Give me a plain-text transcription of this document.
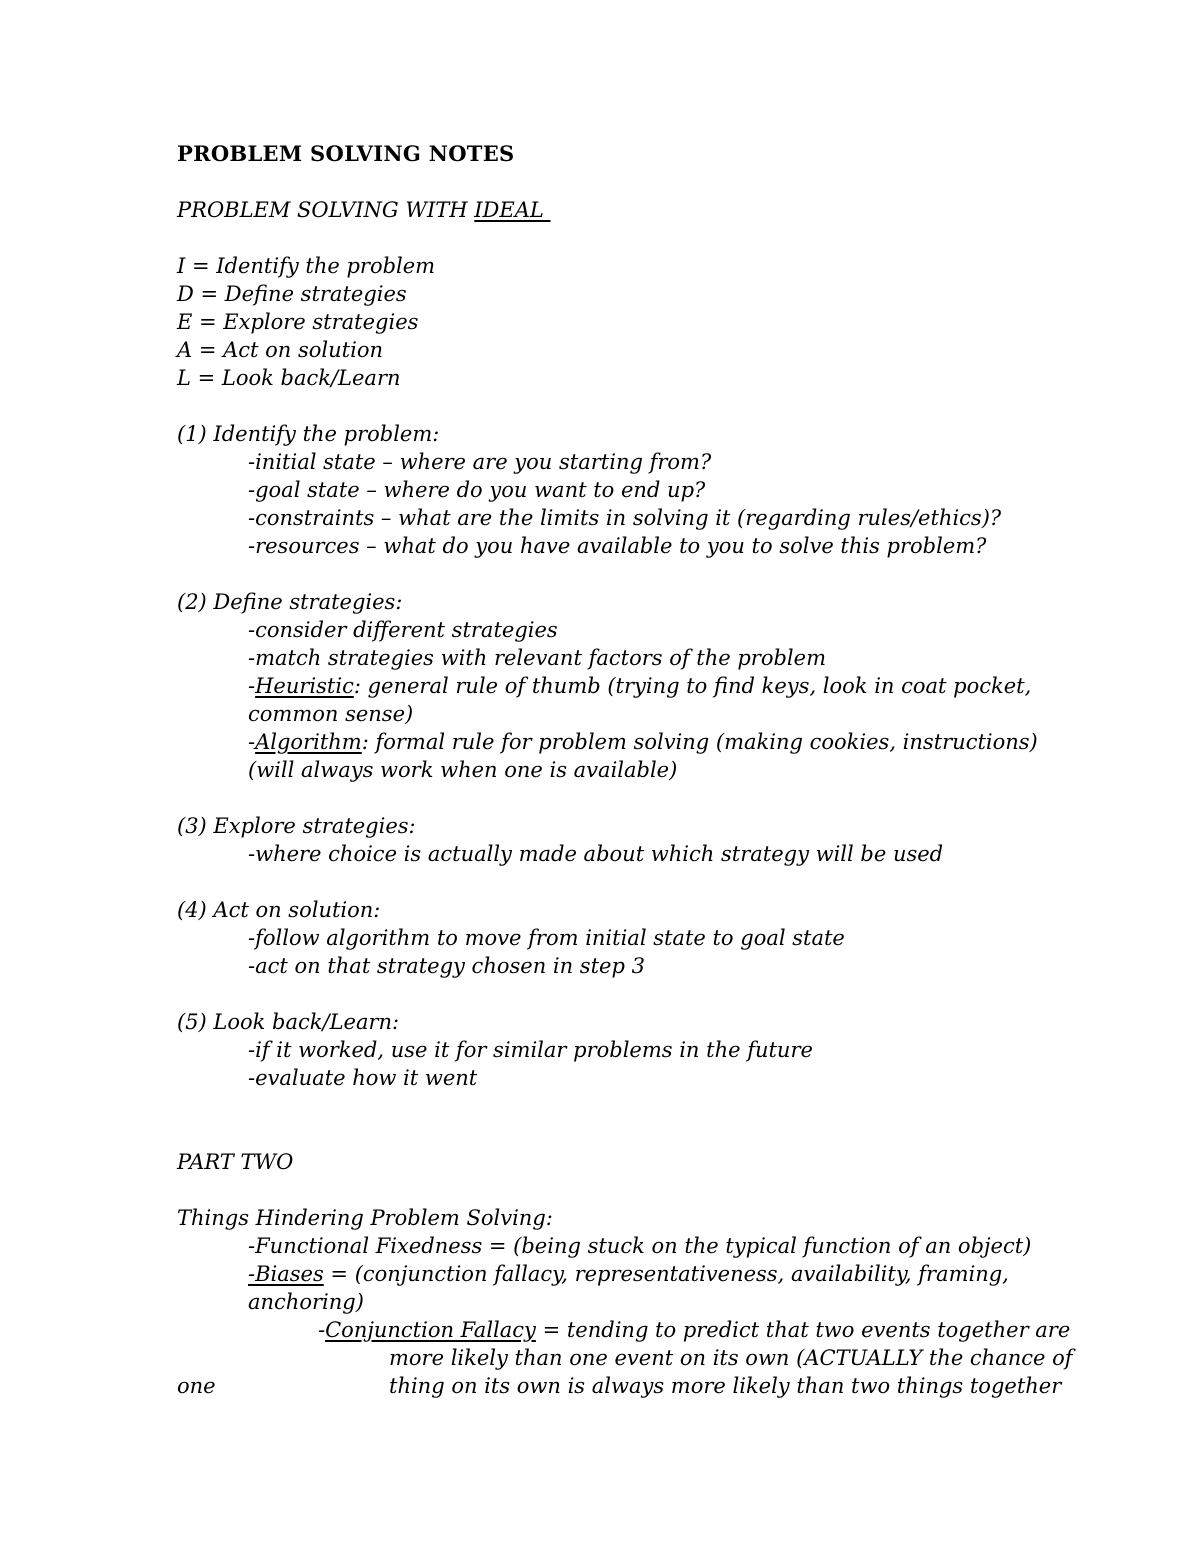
PROBLEM SOLVING NOTES
PROBLEM SOLVING WITH IDEAL
I = Identify the problem
D = Define strategies
E = Explore strategies
A = Act on solution
L = Look back/Learn
(1) Identify the problem:
-initial state – where are you starting from?
-goal state – where do you want to end up?
-constraints – what are the limits in solving it (regarding rules/ethics)?
-resources – what do you have available to you to solve this problem?
(2) Define strategies:
-consider different strategies
-match strategies with relevant factors of the problem
-Heuristic: general rule of thumb (trying to find keys, look in coat pocket,
common sense)
-Algorithm: formal rule for problem solving (making cookies, instructions)
(will always work when one is available)
(3) Explore strategies:
-where choice is actually made about which strategy will be used
(4) Act on solution:
-follow algorithm to move from initial state to goal state
-act on that strategy chosen in step 3
(5) Look back/Learn:
-if it worked, use it for similar problems in the future
-evaluate how it went
PART TWO
Things Hindering Problem Solving:
-Functional Fixedness = (being stuck on the typical function of an object)
-Biases = (conjunction fallacy, representativeness, availability, framing,
anchoring)
-Conjunction Fallacy = tending to predict that two events together are
more likely than one event on its own (ACTUALLY the chance of
one	thing on its own is always more likely than two things together
